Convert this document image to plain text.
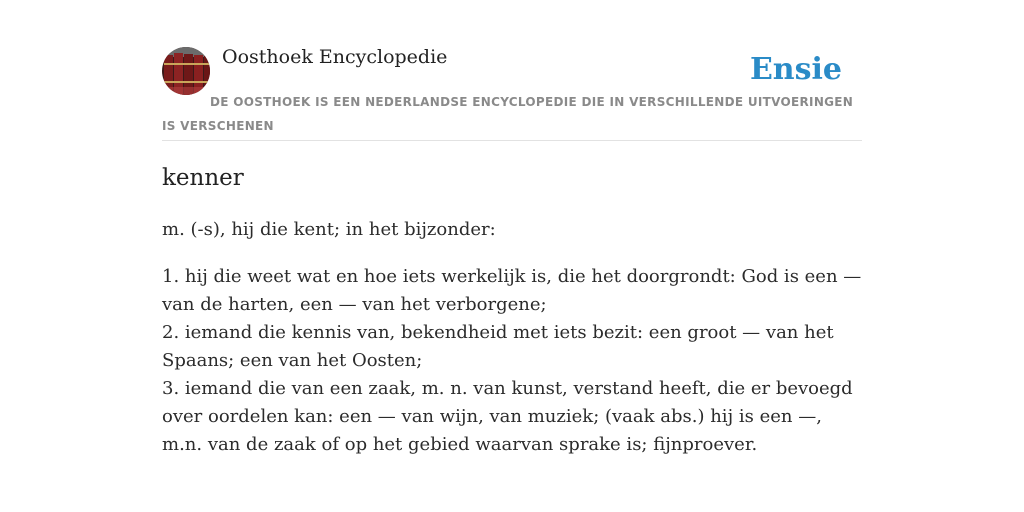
Oosthoek Encyclopedie	Ensie
DE OOSTHOEK IS EEN NEDERLANDSE ENCYCLOPEDIE DIE IN VERSCHILLENDE UITVOERINGEN IS VERSCHENEN
kenner

m. (-s), hij die kent; in het bijzonder:

1. hij die weet wat en hoe iets werkelijk is, die het doorgrondt: God is een — van de harten, een — van het verborgene;
2. iemand die kennis van, bekendheid met iets bezit: een groot — van het Spaans; een van het Oosten;
3. iemand die van een zaak, m. n. van kunst, verstand heeft, die er bevoegd over oordelen kan: een — van wijn, van muziek; (vaak abs.) hij is een —, m.n. van de zaak of op het gebied waarvan sprake is; fijnproever.
